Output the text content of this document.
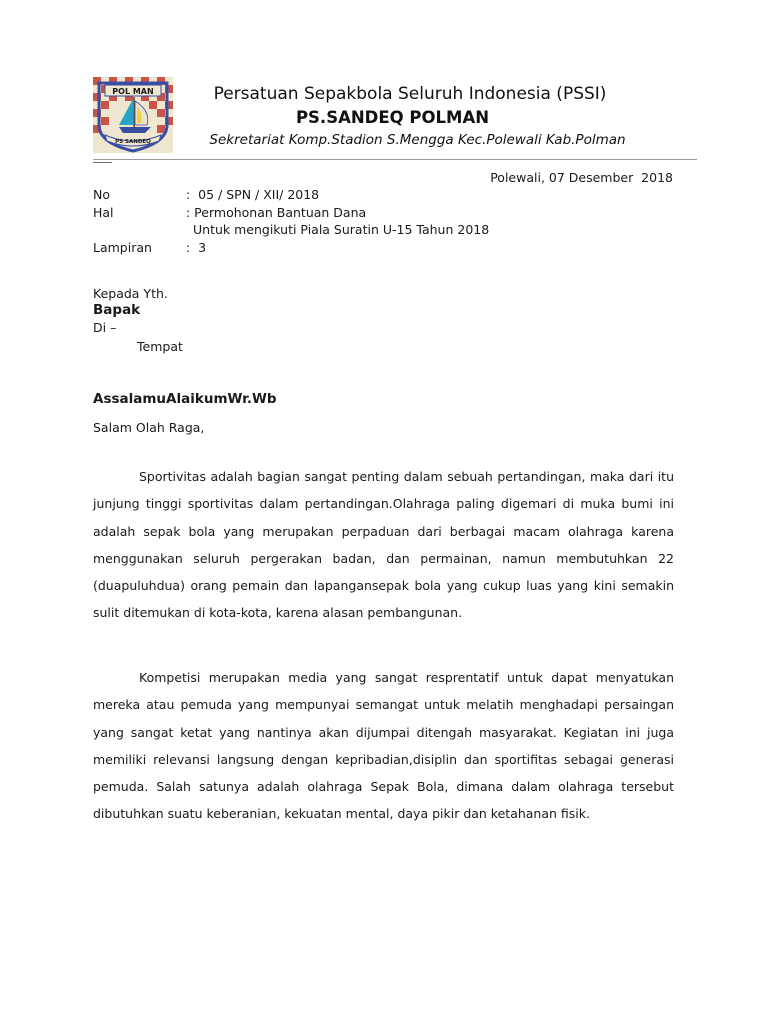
POL MAN
PS SANDEQ
Persatuan Sepakbola Seluruh Indonesia (PSSI)
PS.SANDEQ POLMAN
Sekretariat Komp.Stadion S.Mengga Kec.Polewali Kab.Polman
Polewali, 07 Desember  2018
No	:  05 / SPN / XII/ 2018
Hal	: Permohonan Bantuan Dana
Untuk mengikuti Piala Suratin U-15 Tahun 2018
Lampiran	:  3
Kepada Yth.
Bapak
Di –
Tempat
AssalamuAlaikumWr.Wb
Salam Olah Raga,

Sportivitas adalah bagian sangat penting dalam sebuah pertandingan, maka dari itu junjung tinggi sportivitas dalam pertandingan.Olahraga paling digemari di muka bumi ini adalah sepak bola yang merupakan perpaduan dari berbagai macam olahraga karena menggunakan seluruh pergerakan badan, dan permainan, namun membutuhkan 22 (duapuluhdua) orang pemain dan lapangansepak bola yang cukup luas yang kini semakin sulit ditemukan di kota-kota, karena alasan pembangunan.

Kompetisi merupakan media yang sangat resprentatif untuk dapat menyatukan mereka atau pemuda yang mempunyai semangat untuk melatih menghadapi persaingan yang sangat ketat yang nantinya akan dijumpai ditengah masyarakat. Kegiatan ini juga memiliki relevansi langsung dengan kepribadian,disiplin dan sportifitas sebagai generasi pemuda. Salah satunya adalah olahraga Sepak Bola, dimana dalam olahraga tersebut dibutuhkan suatu keberanian, kekuatan mental, daya pikir dan ketahanan fisik.
